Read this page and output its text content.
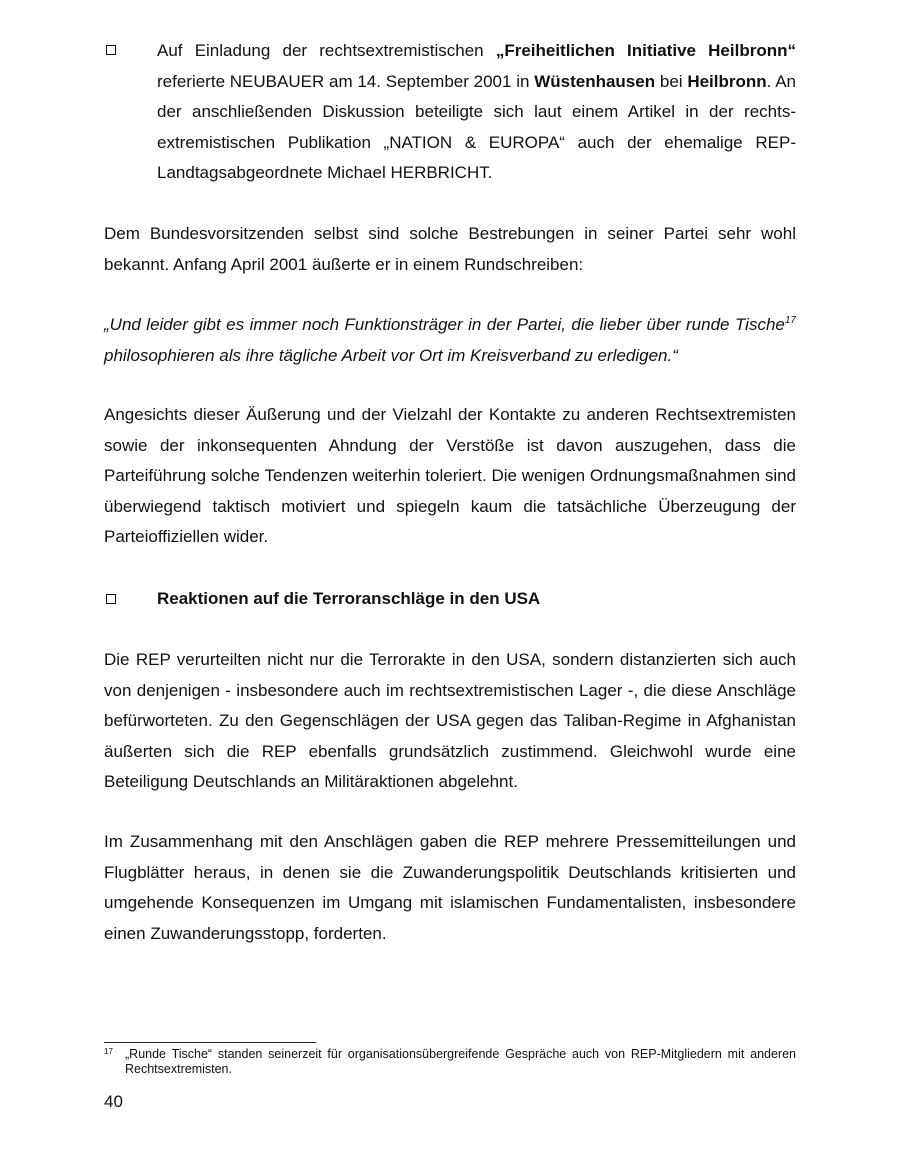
Auf Einladung der rechtsextremistischen „Freiheitlichen Initiative Heilbronn“ referierte NEUBAUER am 14. September 2001 in Wüstenhausen bei Heilbronn. An der anschließenden Diskussion beteiligte sich laut einem Artikel in der rechtsextremistischen Publikation „NATION & EUROPA“ auch der ehemalige REP-Landtagsabgeordnete Michael HERBRICHT.

Dem Bundesvorsitzenden selbst sind solche Bestrebungen in seiner Partei sehr wohl bekannt. Anfang April 2001 äußerte er in einem Rundschreiben:

„Und leider gibt es immer noch Funktionsträger in der Partei, die lieber über runde Tische$^{17}$ philosophieren als ihre tägliche Arbeit vor Ort im Kreisverband zu erledigen.“

Angesichts dieser Äußerung und der Vielzahl der Kontakte zu anderen Rechtsextremisten sowie der inkonsequenten Ahndung der Verstöße ist davon auszugehen, dass die Parteiführung solche Tendenzen weiterhin toleriert. Die wenigen Ordnungsmaßnahmen sind überwiegend taktisch motiviert und spiegeln kaum die tatsächliche Überzeugung der Parteioffiziellen wider.

Reaktionen auf die Terroranschläge in den USA

Die REP verurteilten nicht nur die Terrorakte in den USA, sondern distanzierten sich auch von denjenigen - insbesondere auch im rechtsextremistischen Lager -, die diese Anschläge befürworteten. Zu den Gegenschlägen der USA gegen das Taliban-Regime in Afghanistan äußerten sich die REP ebenfalls grundsätzlich zustimmend. Gleichwohl wurde eine Beteiligung Deutschlands an Militäraktionen abgelehnt.

Im Zusammenhang mit den Anschlägen gaben die REP mehrere Pressemitteilungen und Flugblätter heraus, in denen sie die Zuwanderungspolitik Deutschlands kritisierten und umgehende Konsequenzen im Umgang mit islamischen Fundamentalisten, insbesondere einen Zuwanderungsstopp, forderten.

17 „Runde Tische“ standen seinerzeit für organisationsübergreifende Gespräche auch von REP-Mitgliedern mit anderen Rechtsextremisten.
40
